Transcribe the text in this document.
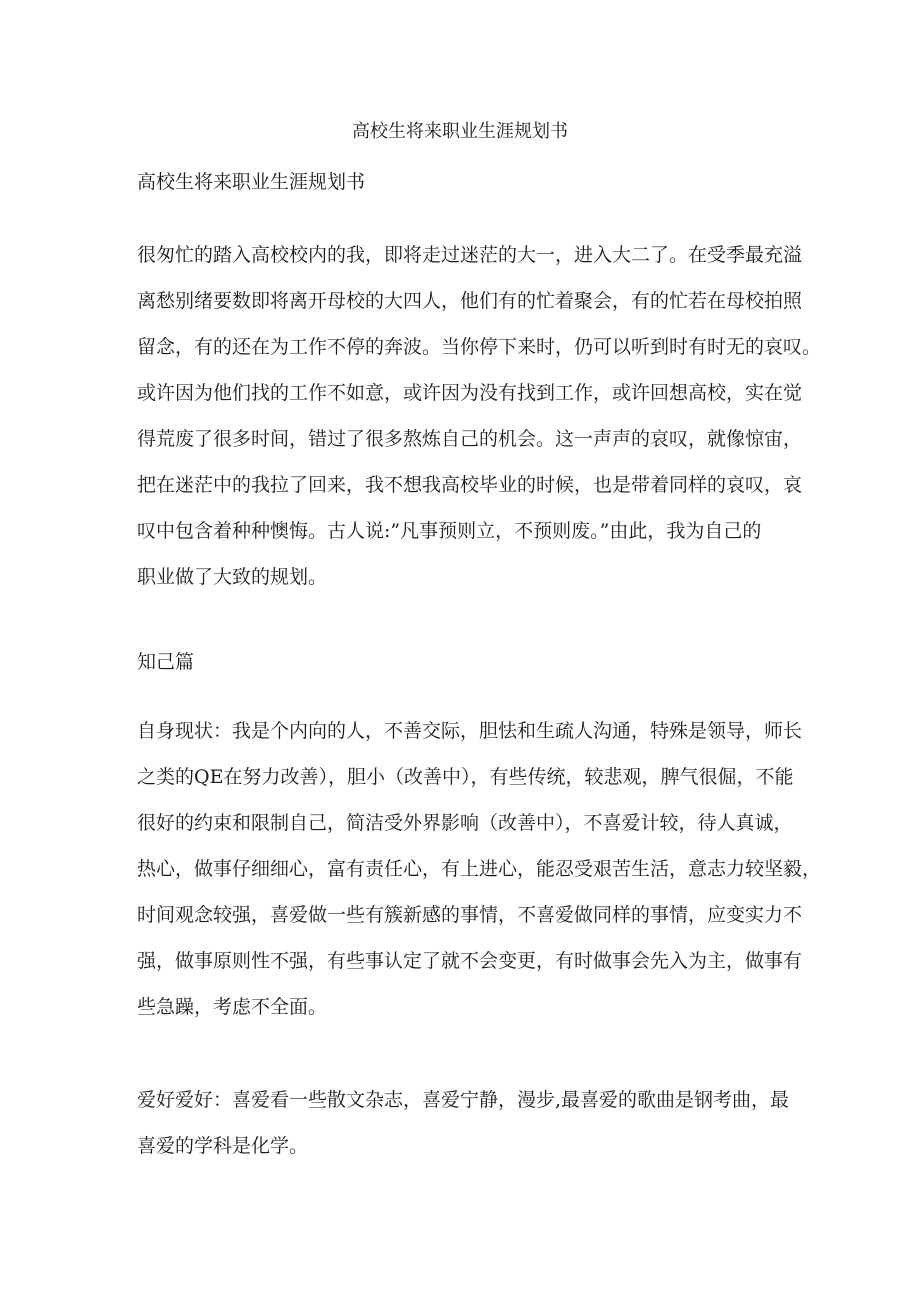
高校生将来职业生涯规划书

高校生将来职业生涯规划书

很匆忙的踏入高校校内的我，即将走过迷茫的大一，进入大二了。在受季最充溢
离愁别绪要数即将离开母校的大四人，他们有的忙着聚会，有的忙若在母校拍照
留念，有的还在为工作不停的奔波。当你停下来时，仍可以听到时有时无的哀叹。
或许因为他们找的工作不如意，或许因为没有找到工作，或许回想高校，实在觉
得荒废了很多时间，错过了很多熬炼自己的机会。这一声声的哀叹，就像惊宙，
把在迷茫中的我拉了回来，我不想我高校毕业的时候，也是带着同样的哀叹，哀
叹中包含着种种懊悔。古人说:”凡事预则立，不预则废。”由此，我为自己的
职业做了大致的规划。

知己篇

自身现状：我是个内向的人，不善交际，胆怯和生疏人沟通，特殊是领导，师长
之类的QE在努力改善），胆小（改善中），有些传统，较悲观，脾气很倔，不能
很好的约束和限制自己，简洁受外界影响（改善中），不喜爱计较，待人真诚，
热心，做事仔细细心，富有责任心，有上进心，能忍受艰苦生活，意志力较坚毅，
时间观念较强，喜爱做一些有簇新感的事情，不喜爱做同样的事情，应变实力不
强，做事原则性不强，有些事认定了就不会变更，有时做事会先入为主，做事有
些急躁，考虑不全面。

爱好爱好：喜爱看一些散文杂志，喜爱宁静，漫步,最喜爱的歌曲是钢考曲，最
喜爱的学科是化学。
